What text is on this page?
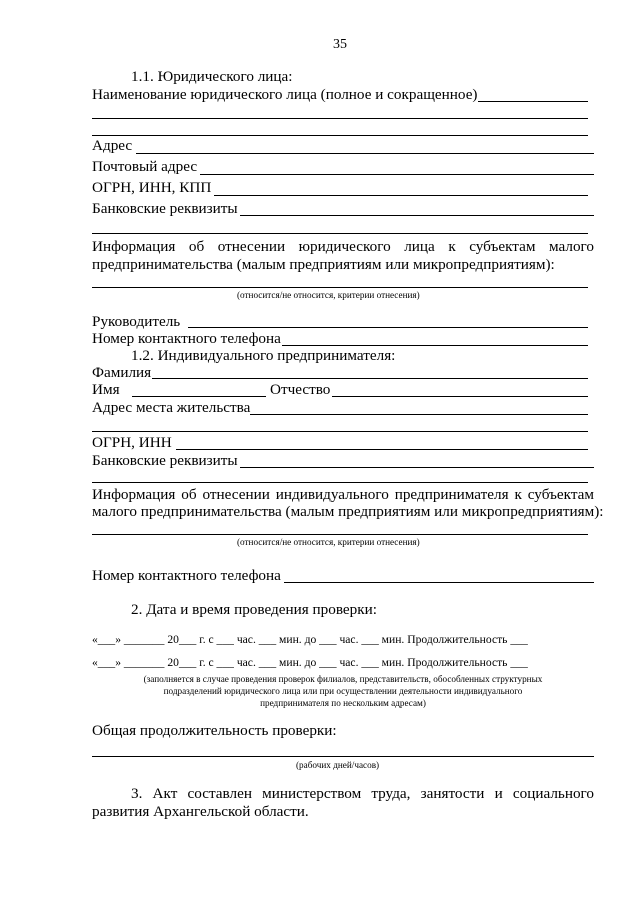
35
1.1. Юридического лица:
Наименование юридического лица (полное и сокращенное)
Адрес
Почтовый адрес
ОГРН, ИНН, КПП
Банковские реквизиты
Информация об отнесении юридического лица к субъектам малого
предпринимательства (малым предприятиям или микропредприятиям):
(относится/не относится, критерии отнесения)
Руководитель
Номер контактного телефона
1.2. Индивидуального предпринимателя:
Фамилия
Имя	Отчество
Адрес места жительства
ОГРН, ИНН
Банковские реквизиты
Информация об отнесении индивидуального предпринимателя к субъектам
малого предпринимательства (малым предприятиям или микропредприятиям):
(относится/не относится, критерии отнесения)
Номер контактного телефона
2. Дата и время проведения проверки:
«___» _______ 20___ г. с ___ час. ___ мин. до ___ час. ___ мин. Продолжительность ___
«___» _______ 20___ г. с ___ час. ___ мин. до ___ час. ___ мин. Продолжительность ___
(заполняется в случае проведения проверок филиалов, представительств, обособленных структурных
подразделений юридического лица или при осуществлении деятельности индивидуального
предпринимателя по нескольким адресам)
Общая продолжительность проверки:
(рабочих дней/часов)
3. Акт составлен министерством труда, занятости и социального
развития Архангельской области.
